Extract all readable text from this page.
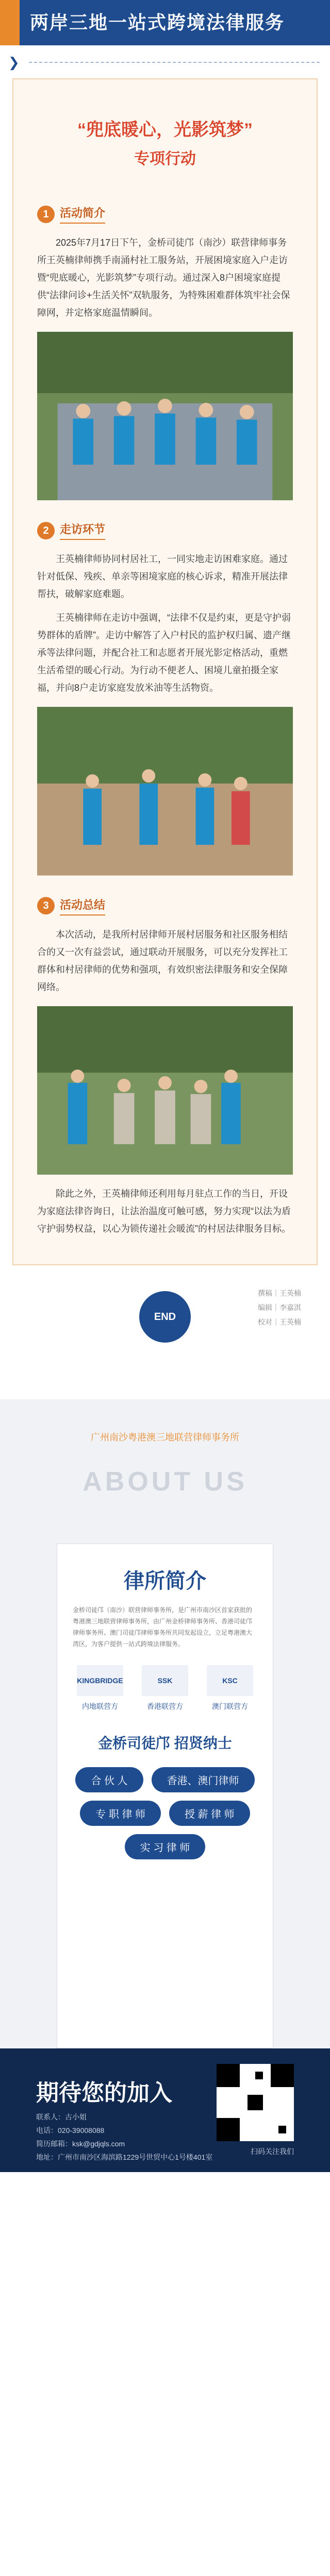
两岸三地一站式跨境法律服务
❯
“兜底暖心，光影筑梦”
专项行动
1 活动简介

2025年7月17日下午，金桥司徒邝（南沙）联营律师事务所王英楠律师携手南涌村社工服务站，开展困境家庭入户走访暨“兜底暖心，光影筑梦”专项行动。通过深入8户困境家庭提供“法律问诊+生活关怀”双轨服务，为特殊困难群体筑牢社会保障网，并定格家庭温情瞬间。

2 走访环节

王英楠律师协同村居社工，一同实地走访困难家庭。通过针对低保、残疾、单亲等困境家庭的核心诉求，精准开展法律帮扶，破解家庭难题。

王英楠律师在走访中强调，“法律不仅是约束，更是守护弱势群体的盾牌”。走访中解答了入户村民的监护权归属、遗产继承等法律问题，并配合社工和志愿者开展光影定格活动，重燃生活希望的暖心行动。为行动不便老人、困境儿童拍摄全家福，并向8户走访家庭发放米油等生活物资。

3 活动总结

本次活动，是我所村居律师开展村居服务和社区服务相结合的又一次有益尝试，通过联动开展服务，可以充分发挥社工群体和村居律师的优势和强项，有效织密法律服务和安全保障网络。

除此之外，王英楠律师还利用每月驻点工作的当日，开设为家庭法律咨询日，让法治温度可触可感，努力实现“以法为盾守护弱势权益，以心为锁传递社会暖流”的村居法律服务目标。

END
撰稿｜王英楠
编辑｜李嘉淇
校对｜王英楠
广州南沙粤港澳三地联营律师事务所
ABOUT US
律所简介
金桥司徒邝（南沙）联营律师事务所，是广州市南沙区首家获批的粤港澳三地联营律师事务所，由广州金桥律师事务所、香港司徒邝律师事务所、澳门司徒邝律师事务所共同发起设立，立足粤港澳大湾区，为客户提供一站式跨境法律服务。
KINGBRIDGE
内地联营方
SSK
香港联营方
KSC
澳门联营方
金桥司徒邝 招贤纳士
合 伙 人	香港、澳门律师
专 职 律 师	授 薪 律 师
实 习 律 师
期待您的加入
联系人：古小姐
电话：020-39008088
简历邮箱：ksk@gdjqls.com
地址：广州市南沙区海滨路1229号世贸中心1号楼401室
扫码关注我们
